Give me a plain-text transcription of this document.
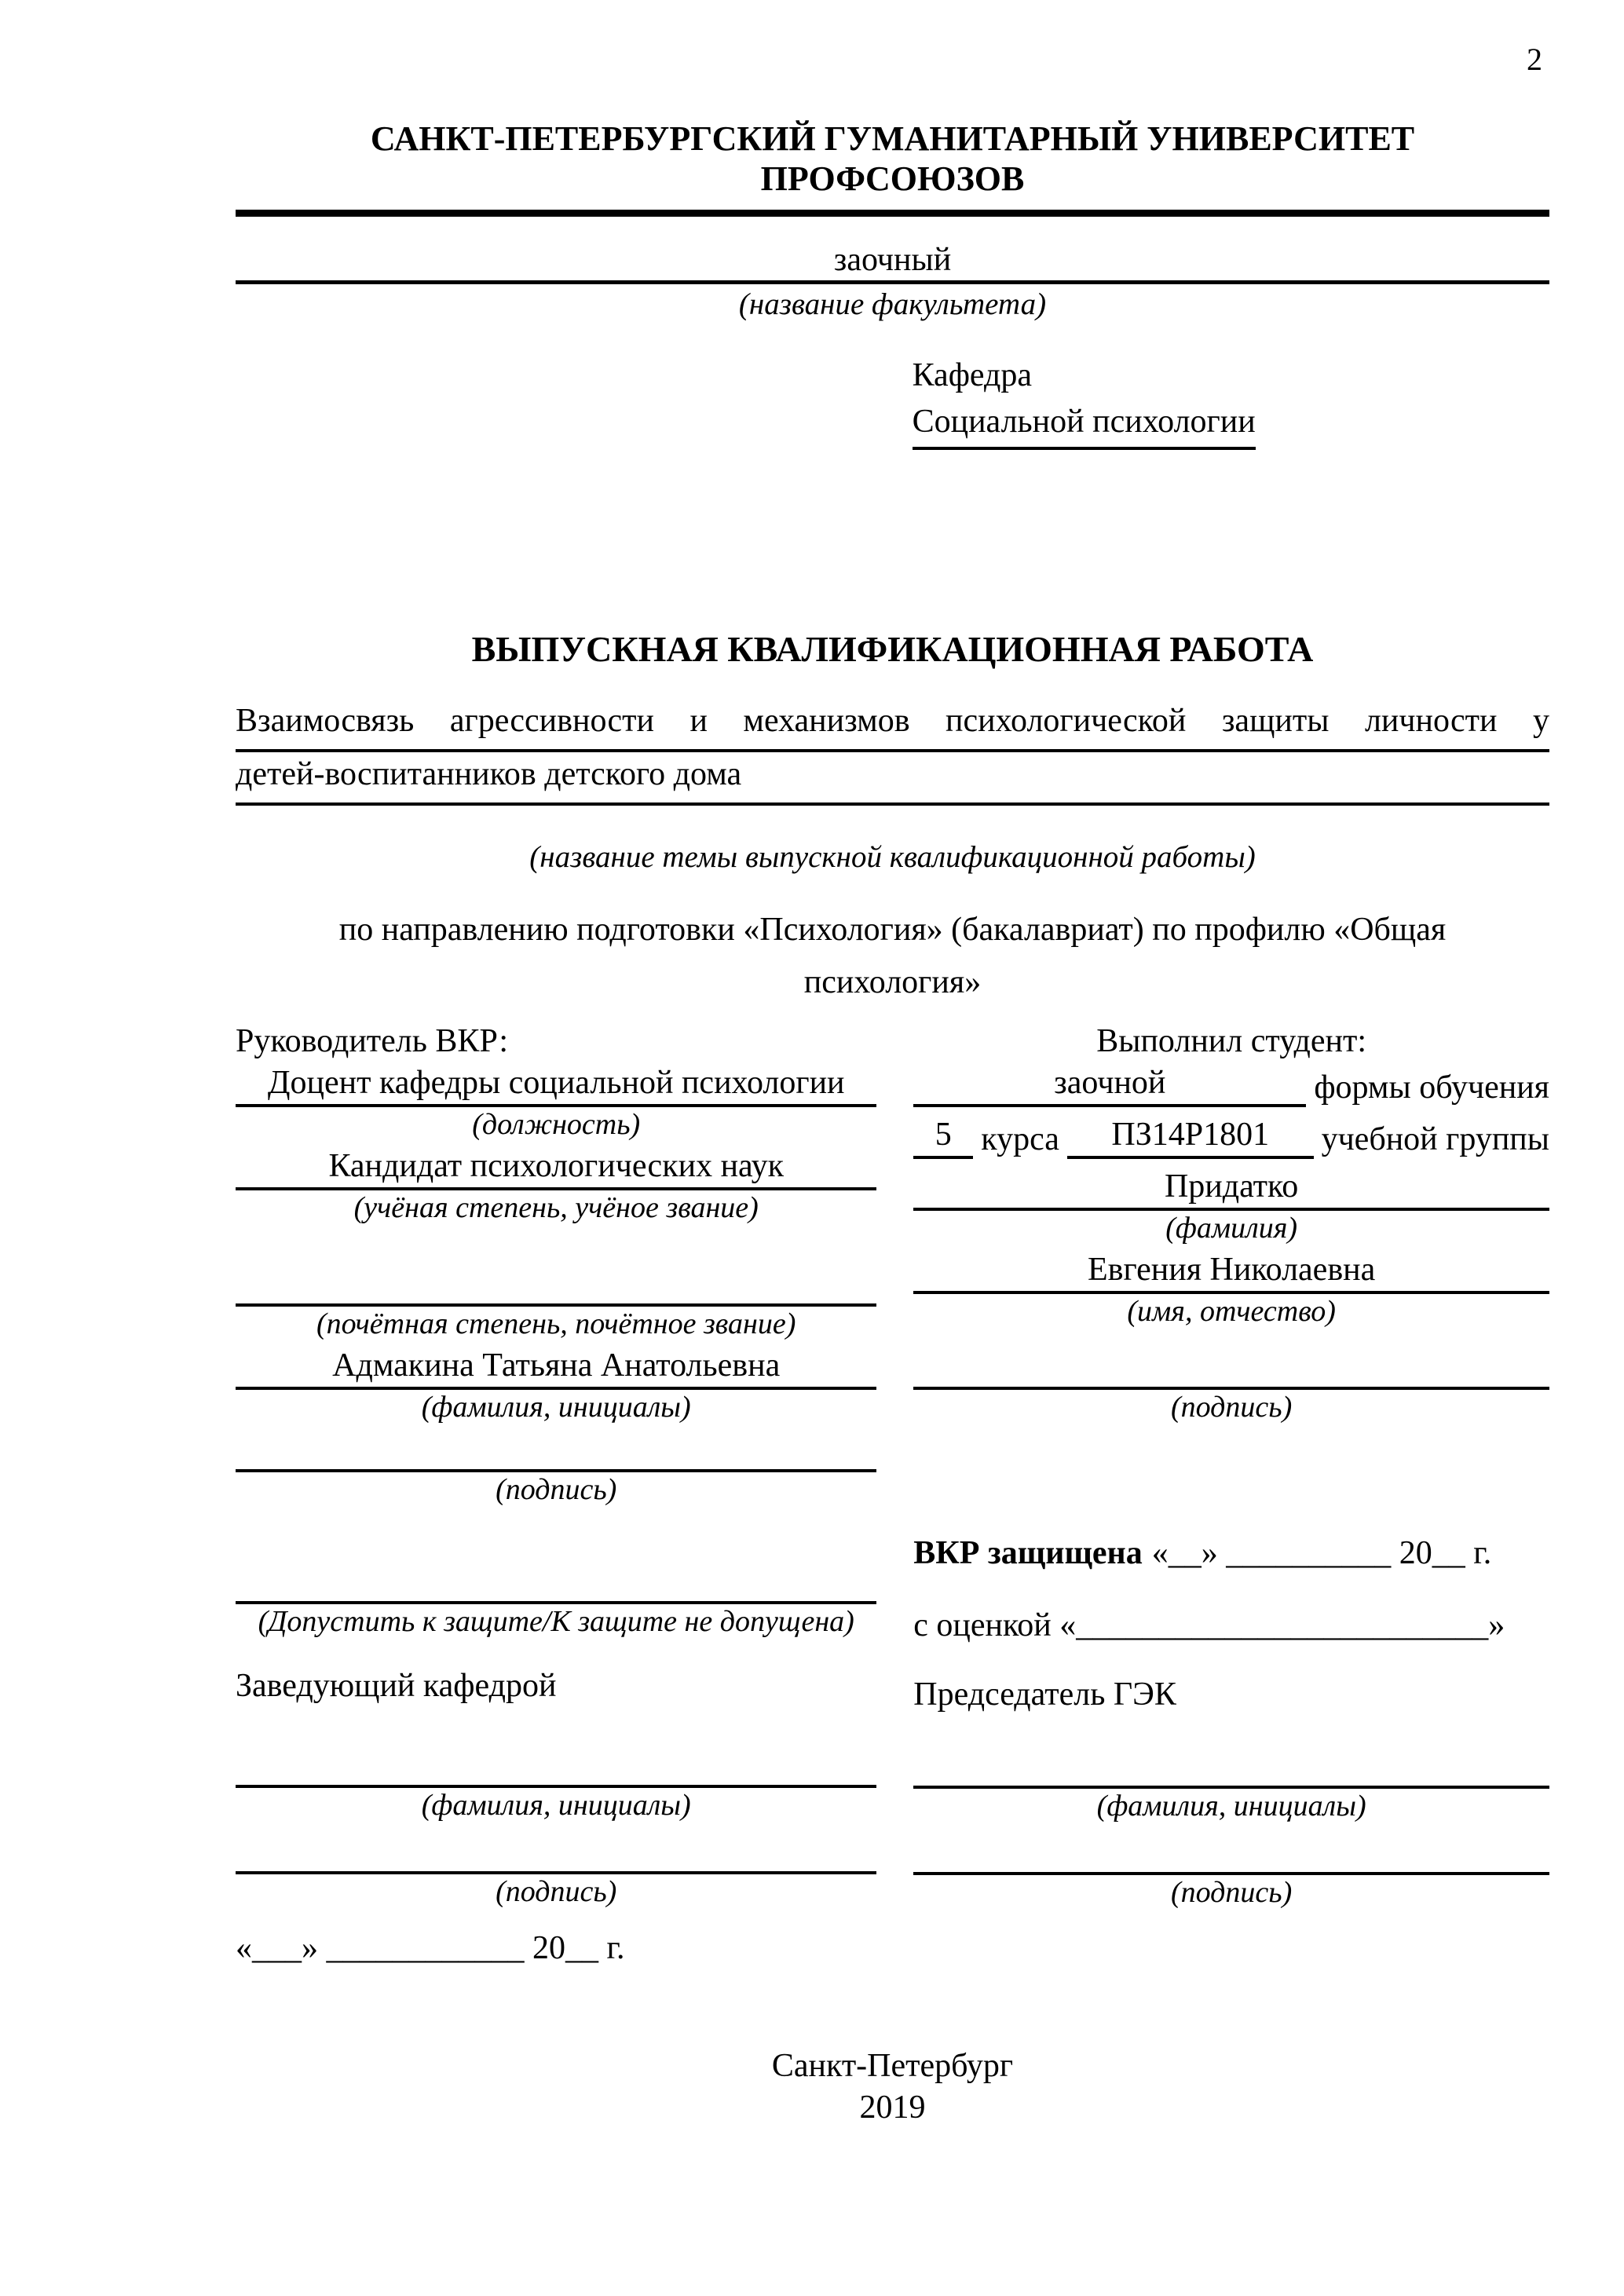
2
САНКТ-ПЕТЕРБУРГСКИЙ ГУМАНИТАРНЫЙ УНИВЕРСИТЕТ ПРОФСОЮЗОВ
заочный
(название факультета)
Кафедра
Социальной психологии
ВЫПУСКНАЯ КВАЛИФИКАЦИОННАЯ РАБОТА
Взаимосвязь агрессивности и механизмов психологической защиты личности у
детей-воспитанников детского дома
(название темы выпускной квалификационной работы)
по направлению подготовки «Психология» (бакалавриат) по профилю «Общая
психология»
Руководитель ВКР:
Доцент кафедры социальной психологии
(должность)
Кандидат психологических наук
(учёная степень, учёное звание)
(почётная степень, почётное звание)
Адмакина Татьяна Анатольевна
(фамилия, инициалы)
(подпись)
(Допустить к защите/К защите не допущена)
Заведующий кафедрой
(фамилия, инициалы)
(подпись)
«___» ____________ 20__ г.
Выполнил студент:
заочной	формы обучения
5 курса	ПЗ14Р1801	учебной группы
Придатко
(фамилия)
Евгения Николаевна
(имя, отчество)
(подпись)
ВКР защищена «__» __________ 20__ г.
с оценкой «_________________________»
Председатель ГЭК
(фамилия, инициалы)
(подпись)
Санкт-Петербург
2019
